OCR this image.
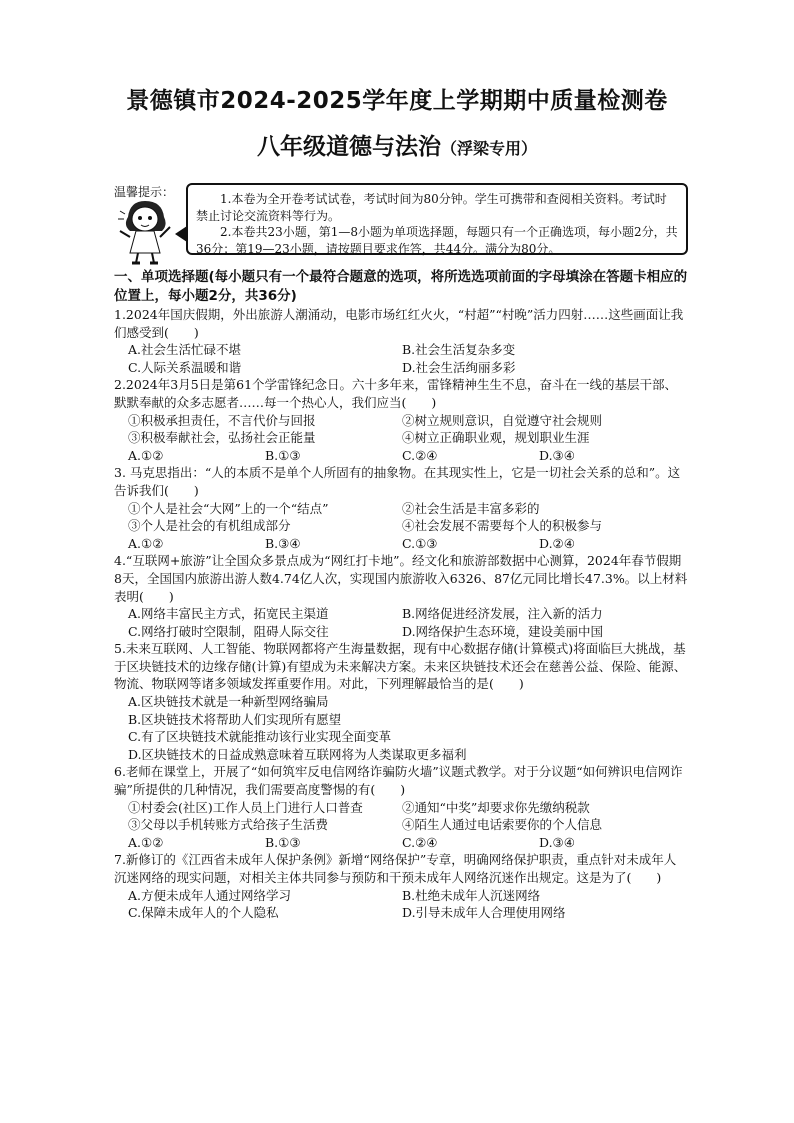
景德镇市2024-2025学年度上学期期中质量检测卷
八年级道德与法治（浮梁专用）
温馨提示：	1.本卷为全开卷考试试卷，考试时间为80分钟。学生可携带和查阅相关资料。考试时禁止讨论交流资料等行为。

2.本卷共23小题，第1—8小题为单项选择题，每题只有一个正确选项，每小题2分，共36分；第19—23小题，请按题目要求作答，共44分。满分为80分。

一、单项选择题(每小题只有一个最符合题意的选项，将所选选项前面的字母填涂在答题卡相应的位置上，每小题2分，共36分)

1.2024年国庆假期，外出旅游人潮涌动，电影市场红红火火，“村超”“村晚”活力四射……这些画面让我们感受到(　　)

A.社会生活忙碌不堪	B.社会生活复杂多变
C.人际关系温暖和谐	D.社会生活绚丽多彩

2.2024年3月5日是第61个学雷锋纪念日。六十多年来，雷锋精神生生不息，奋斗在一线的基层干部、默默奉献的众多志愿者……每一个热心人，我们应当(　　)

①积极承担责任，不言代价与回报	②树立规则意识，自觉遵守社会规则
③积极奉献社会，弘扬社会正能量	④树立正确职业观，规划职业生涯
A.①②	B.①③	C.②④	D.③④

3. 马克思指出：“人的本质不是单个人所固有的抽象物。在其现实性上，它是一切社会关系的总和”。这告诉我们(　　)

①个人是社会“大网”上的一个“结点”	②社会生活是丰富多彩的
③个人是社会的有机组成部分	④社会发展不需要每个人的积极参与
A.①②	B.③④	C.①③	D.②④

4.“互联网+旅游”让全国众多景点成为“网红打卡地”。经文化和旅游部数据中心测算，2024年春节假期8天，全国国内旅游出游人数4.74亿人次，实现国内旅游收入6326、87亿元同比增长47.3%。以上材料表明(　　)

A.网络丰富民主方式，拓宽民主渠道	B.网络促进经济发展，注入新的活力
C.网络打破时空限制，阻碍人际交往	D.网络保护生态环境，建设美丽中国

5.未来互联网、人工智能、物联网都将产生海量数据，现有中心数据存储(计算模式)将面临巨大挑战，基于区块链技术的边缘存储(计算)有望成为未来解决方案。未来区块链技术还会在慈善公益、保险、能源、物流、物联网等诸多领域发挥重要作用。对此，下列理解最恰当的是(　　)

A.区块链技术就是一种新型网络骗局

B.区块链技术将帮助人们实现所有愿望

C.有了区块链技术就能推动该行业实现全面变革

D.区块链技术的日益成熟意味着互联网将为人类谋取更多福利

6.老师在课堂上，开展了“如何筑牢反电信网络诈骗防火墙”议题式教学。对于分议题“如何辨识电信网诈骗”所提供的几种情况，我们需要高度警惕的有(　　)

①村委会(社区)工作人员上门进行人口普查	②通知“中奖”却要求你先缴纳税款
③父母以手机转账方式给孩子生活费	④陌生人通过电话索要你的个人信息
A.①②	B.①③	C.②④	D.③④

7.新修订的《江西省未成年人保护条例》新增“网络保护”专章，明确网络保护职责，重点针对未成年人沉迷网络的现实问题，对相关主体共同参与预防和干预未成年人网络沉迷作出规定。这是为了(　　)

A.方便未成年人通过网络学习	B.杜绝未成年人沉迷网络
C.保障未成年人的个人隐私	D.引导未成年人合理使用网络
